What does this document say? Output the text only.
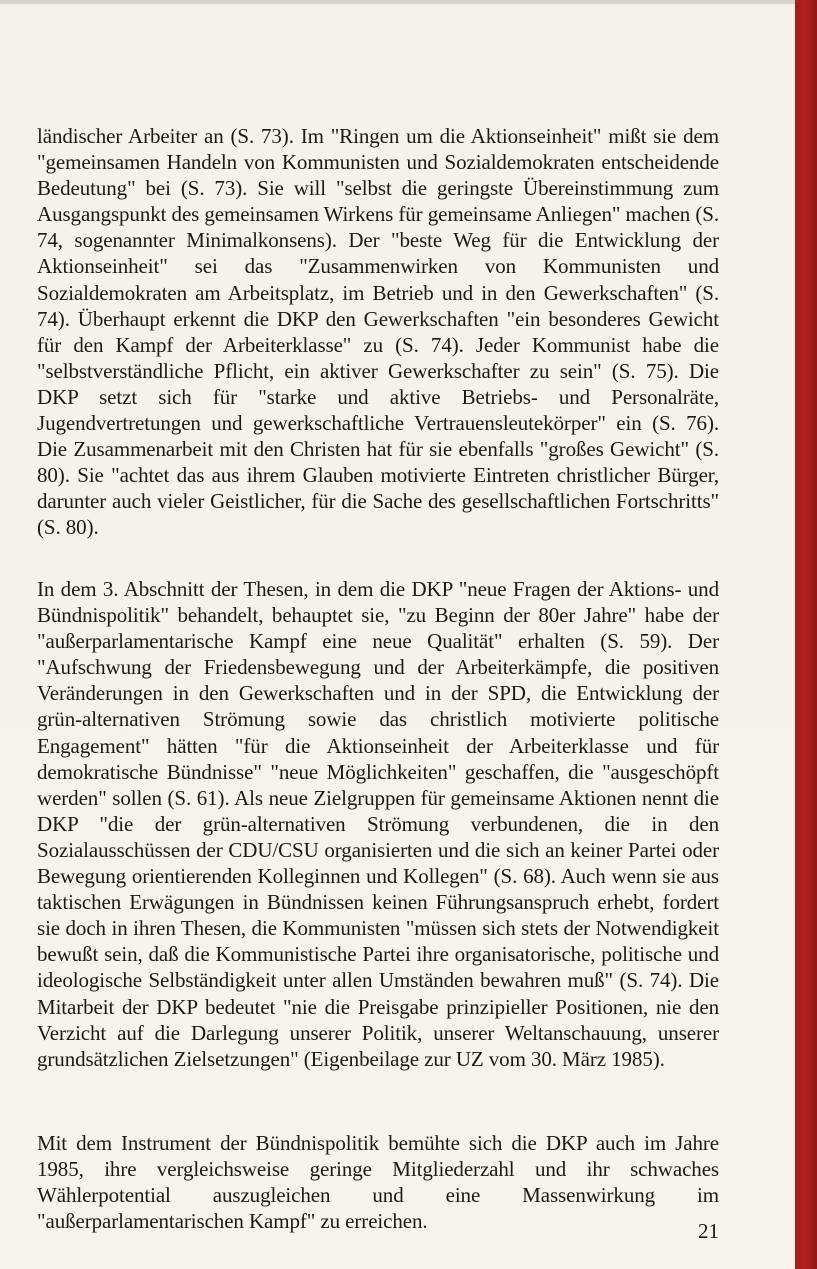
ländischer Arbeiter an (S. 73). Im "Ringen um die Aktionseinheit" mißt sie dem "gemeinsamen Handeln von Kommunisten und Sozialdemokraten entscheidende Bedeutung" bei (S. 73). Sie will "selbst die geringste Übereinstimmung zum Ausgangspunkt des gemeinsamen Wirkens für gemeinsame Anliegen" machen (S. 74, sogenannter Minimalkonsens). Der "beste Weg für die Entwicklung der Aktionseinheit" sei das "Zusammenwirken von Kommunisten und Sozialdemokraten am Arbeitsplatz, im Betrieb und in den Gewerkschaften" (S. 74). Überhaupt erkennt die DKP den Gewerkschaften "ein besonderes Gewicht für den Kampf der Arbeiterklasse" zu (S. 74). Jeder Kommunist habe die "selbstverständliche Pflicht, ein aktiver Gewerkschafter zu sein" (S. 75). Die DKP setzt sich für "starke und aktive Betriebs- und Personalräte, Jugendvertretungen und gewerkschaftliche Vertrauensleutekörper" ein (S. 76). Die Zusammenarbeit mit den Christen hat für sie ebenfalls "großes Gewicht" (S. 80). Sie "achtet das aus ihrem Glauben motivierte Eintreten christlicher Bürger, darunter auch vieler Geistlicher, für die Sache des gesellschaftlichen Fortschritts" (S. 80).

In dem 3. Abschnitt der Thesen, in dem die DKP "neue Fragen der Aktions- und Bündnispolitik" behandelt, behauptet sie, "zu Beginn der 80er Jahre" habe der "außerparlamentarische Kampf eine neue Qualität" erhalten (S. 59). Der "Aufschwung der Friedensbewegung und der Arbeiterkämpfe, die positiven Veränderungen in den Gewerkschaften und in der SPD, die Entwicklung der grün-alternativen Strömung sowie das christlich motivierte politische Engagement" hätten "für die Aktionseinheit der Arbeiterklasse und für demokratische Bündnisse" "neue Möglichkeiten" geschaffen, die "ausgeschöpft werden" sollen (S. 61). Als neue Zielgruppen für gemeinsame Aktionen nennt die DKP "die der grün-alternativen Strömung verbundenen, die in den Sozialausschüssen der CDU/CSU organisierten und die sich an keiner Partei oder Bewegung orientierenden Kolleginnen und Kollegen" (S. 68). Auch wenn sie aus taktischen Erwägungen in Bündnissen keinen Führungsanspruch erhebt, fordert sie doch in ihren Thesen, die Kommunisten "müssen sich stets der Notwendigkeit bewußt sein, daß die Kommunistische Partei ihre organisatorische, politische und ideologische Selbständigkeit unter allen Umständen bewahren muß" (S. 74). Die Mitarbeit der DKP bedeutet "nie die Preisgabe prinzipieller Positionen, nie den Verzicht auf die Darlegung unserer Politik, unserer Weltanschauung, unserer grundsätzlichen Zielsetzungen" (Eigenbeilage zur UZ vom 30. März 1985).

Mit dem Instrument der Bündnispolitik bemühte sich die DKP auch im Jahre 1985, ihre vergleichsweise geringe Mitgliederzahl und ihr schwaches Wählerpotential auszugleichen und eine Massenwirkung im "außerparlamentarischen Kampf" zu erreichen.	21
